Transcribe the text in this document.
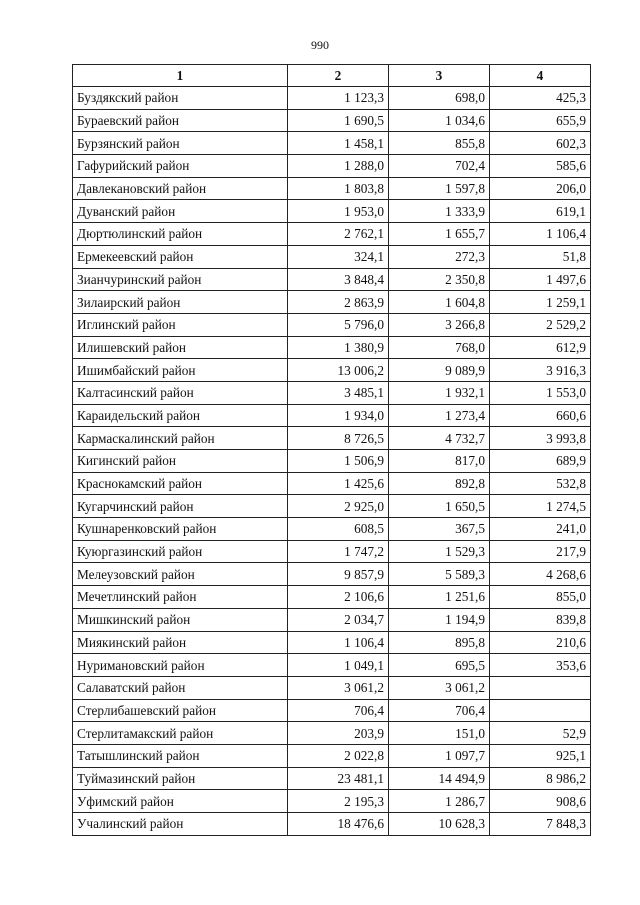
990
1	2	3	4
Буздякский район	1 123,3	698,0	425,3
Бураевский район	1 690,5	1 034,6	655,9
Бурзянский район	1 458,1	855,8	602,3
Гафурийский район	1 288,0	702,4	585,6
Давлекановский район	1 803,8	1 597,8	206,0
Дуванский район	1 953,0	1 333,9	619,1
Дюртюлинский район	2 762,1	1 655,7	1 106,4
Ермекеевский район	324,1	272,3	51,8
Зианчуринский район	3 848,4	2 350,8	1 497,6
Зилаирский район	2 863,9	1 604,8	1 259,1
Иглинский район	5 796,0	3 266,8	2 529,2
Илишевский район	1 380,9	768,0	612,9
Ишимбайский район	13 006,2	9 089,9	3 916,3
Калтасинский район	3 485,1	1 932,1	1 553,0
Караидельский район	1 934,0	1 273,4	660,6
Кармаскалинский район	8 726,5	4 732,7	3 993,8
Кигинский район	1 506,9	817,0	689,9
Краснокамский район	1 425,6	892,8	532,8
Кугарчинский район	2 925,0	1 650,5	1 274,5
Кушнаренковский район	608,5	367,5	241,0
Куюргазинский район	1 747,2	1 529,3	217,9
Мелеузовский район	9 857,9	5 589,3	4 268,6
Мечетлинский район	2 106,6	1 251,6	855,0
Мишкинский район	2 034,7	1 194,9	839,8
Миякинский район	1 106,4	895,8	210,6
Нуримановский район	1 049,1	695,5	353,6
Салаватский район	3 061,2	3 061,2	
Стерлибашевский район	706,4	706,4	
Стерлитамакский район	203,9	151,0	52,9
Татышлинский район	2 022,8	1 097,7	925,1
Туймазинский район	23 481,1	14 494,9	8 986,2
Уфимский район	2 195,3	1 286,7	908,6
Учалинский район	18 476,6	10 628,3	7 848,3
